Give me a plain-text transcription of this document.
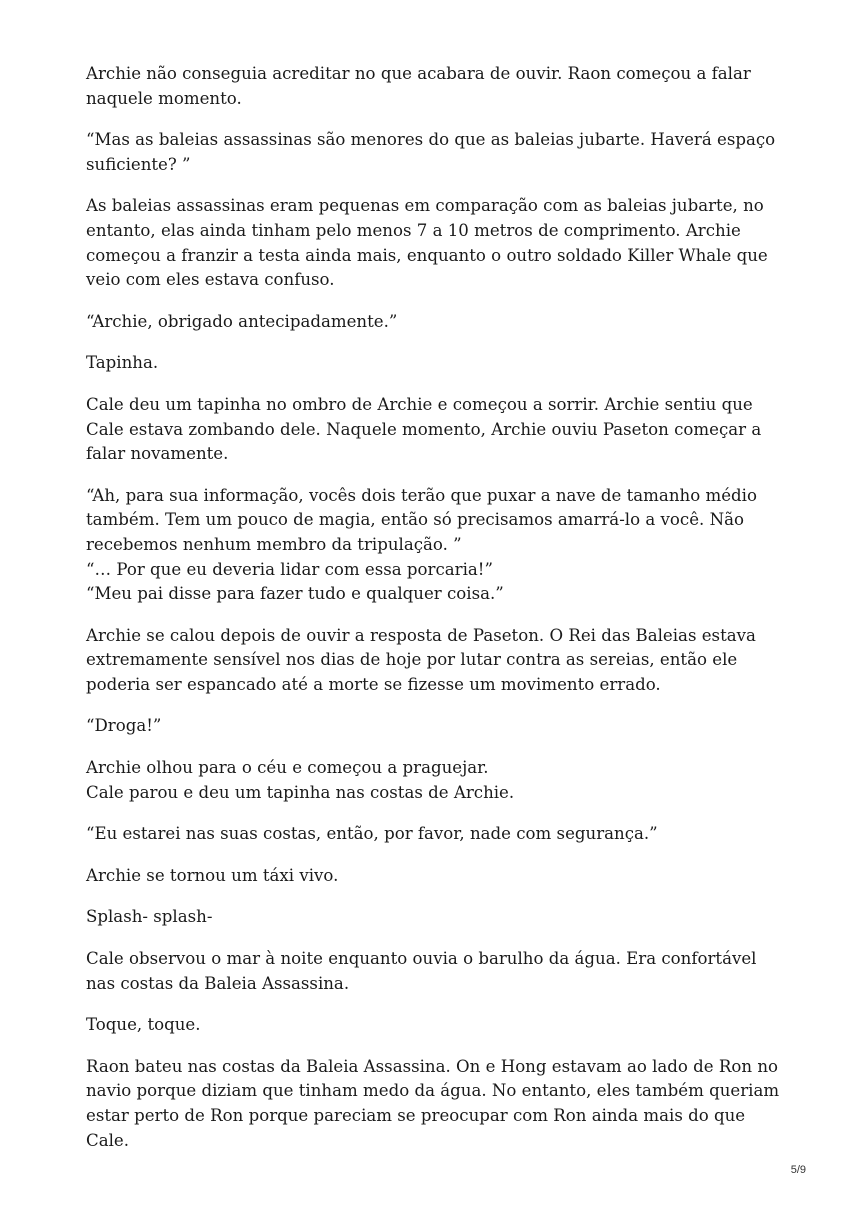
Archie não conseguia acreditar no que acabara de ouvir. Raon começou a falar naquele momento.

“Mas as baleias assassinas são menores do que as baleias jubarte. Haverá espaço suficiente? ”

As baleias assassinas eram pequenas em comparação com as baleias jubarte, no entanto, elas ainda tinham pelo menos 7 a 10 metros de comprimento. Archie começou a franzir a testa ainda mais, enquanto o outro soldado Killer Whale que veio com eles estava confuso.

“Archie, obrigado antecipadamente.”

Tapinha.

Cale deu um tapinha no ombro de Archie e começou a sorrir. Archie sentiu que Cale estava zombando dele. Naquele momento, Archie ouviu Paseton começar a falar novamente.

“Ah, para sua informação, vocês dois terão que puxar a nave de tamanho médio também. Tem um pouco de magia, então só precisamos amarrá-lo a você. Não recebemos nenhum membro da tripulação. ”
“… Por que eu deveria lidar com essa porcaria!”
“Meu pai disse para fazer tudo e qualquer coisa.”

Archie se calou depois de ouvir a resposta de Paseton. O Rei das Baleias estava extremamente sensível nos dias de hoje por lutar contra as sereias, então ele poderia ser espancado até a morte se fizesse um movimento errado.

“Droga!”

Archie olhou para o céu e começou a praguejar.
Cale parou e deu um tapinha nas costas de Archie.

“Eu estarei nas suas costas, então, por favor, nade com segurança.”

Archie se tornou um táxi vivo.

Splash- splash-

Cale observou o mar à noite enquanto ouvia o barulho da água. Era confortável nas costas da Baleia Assassina.

Toque, toque.

Raon bateu nas costas da Baleia Assassina. On e Hong estavam ao lado de Ron no navio porque diziam que tinham medo da água. No entanto, eles também queriam estar perto de Ron porque pareciam se preocupar com Ron ainda mais do que Cale.

5/9
